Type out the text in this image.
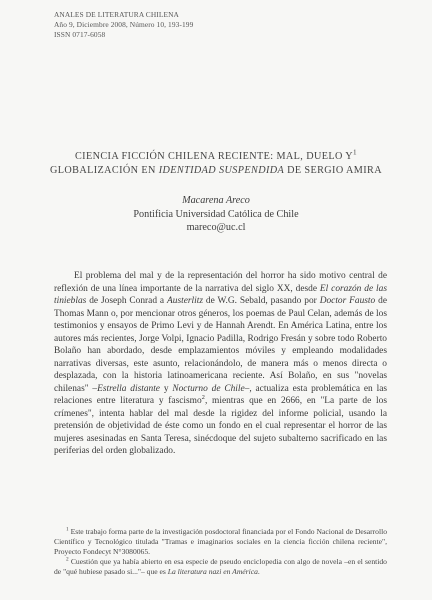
ANALES DE LITERATURA CHILENA
Año 9, Diciembre 2008, Número 10, 193-199
ISSN 0717-6058
CIENCIA FICCIÓN CHILENA RECIENTE: MAL, DUELO $Y^1$
GLOBALIZACIÓN EN IDENTIDAD SUSPENDIDA DE SERGIO AMIRA
Macarena Areco
Pontificia Universidad Católica de Chile
mareco@uc.cl

El problema del mal y de la representación del horror ha sido motivo central de reflexión de una línea importante de la narrativa del siglo XX, desde El corazón de las tinieblas de Joseph Conrad a Austerlitz de W.G. Sebald, pasando por Doctor Fausto de Thomas Mann o, por mencionar otros géneros, los poemas de Paul Celan, además de los testimonios y ensayos de Primo Levi y de Hannah Arendt. En América Latina, entre los autores más recientes, Jorge Volpi, Ignacio Padilla, Rodrigo Fresán y sobre todo Roberto Bolaño han abordado, desde emplazamientos móviles y empleando modalidades narrativas diversas, este asunto, relacionándolo, de manera más o menos directa o desplazada, con la historia latinoamericana reciente. Así Bolaño, en sus "novelas chilenas" –Estrella distante y Nocturno de Chile–, actualiza esta problemática en las relaciones entre literatura y fascismo$^2$, mientras que en 2666, en "La parte de los crímenes", intenta hablar del mal desde la rigidez del informe policial, usando la pretensión de objetividad de éste como un fondo en el cual representar el horror de las mujeres asesinadas en Santa Teresa, sinécdoque del sujeto subalterno sacrificado en las periferias del orden globalizado.

$^1$ Este trabajo forma parte de la investigación posdoctoral financiada por el Fondo Nacional de Desarrollo Científico y Tecnológico titulada "Tramas e imaginarios sociales en la ciencia ficción chilena reciente", Proyecto Fondecyt N°3080065.

$^2$ Cuestión que ya había abierto en esa especie de pseudo enciclopedia con algo de novela –en el sentido de "qué hubiese pasado si..."– que es La literatura nazi en América.
